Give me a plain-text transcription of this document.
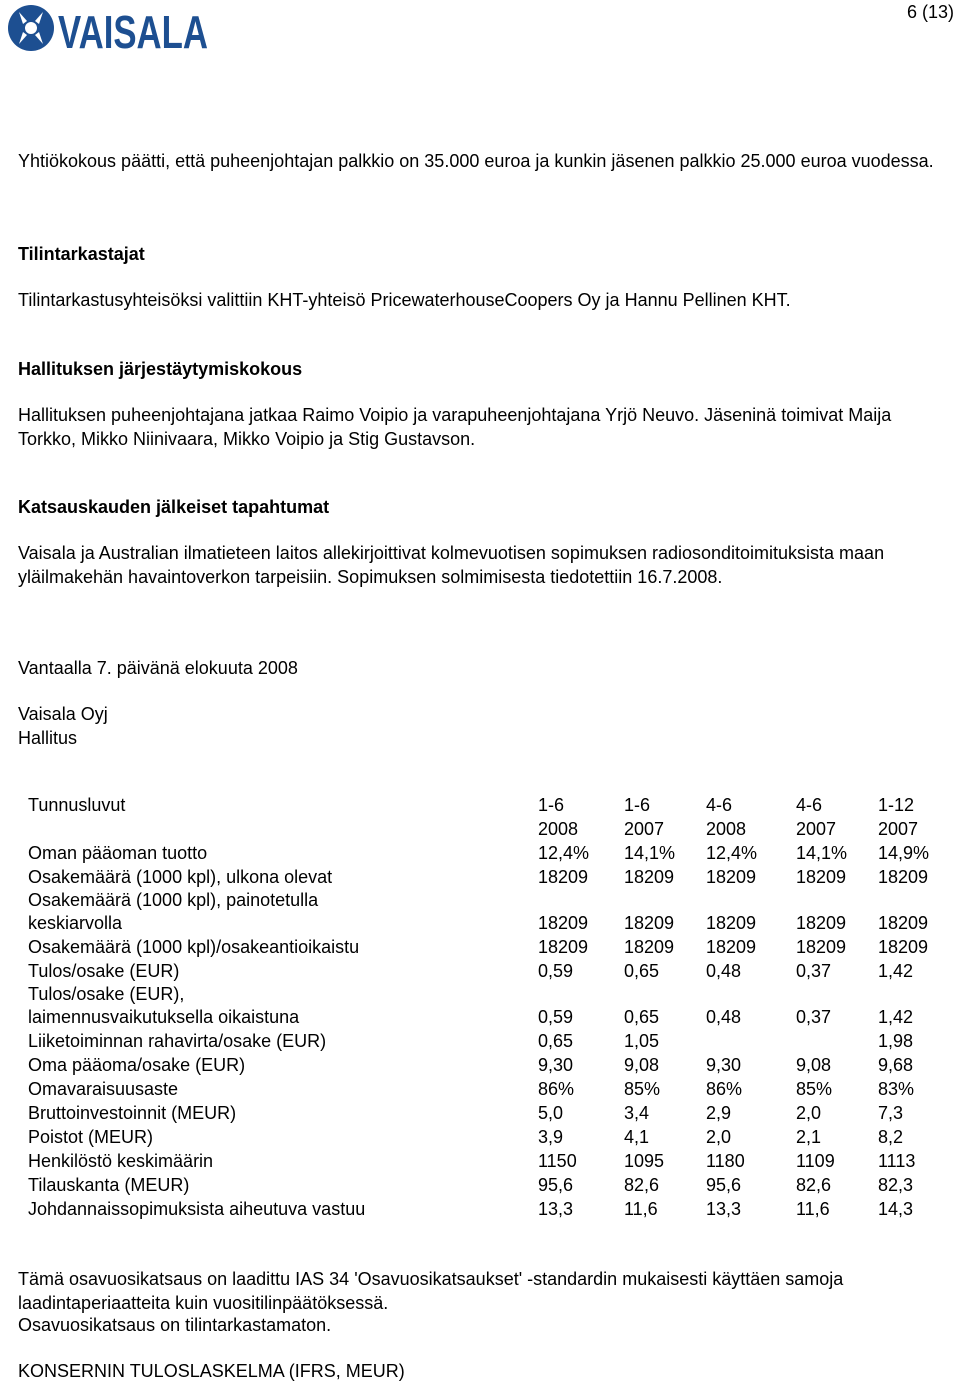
VAISALA	6 (13)

Yhtiökokous päätti, että puheenjohtajan palkkio on 35.000 euroa ja kunkin jäsenen palkkio 25.000 euroa vuodessa.

Tilintarkastajat

Tilintarkastusyhteisöksi valittiin KHT-yhteisö PricewaterhouseCoopers Oy ja Hannu Pellinen KHT.

Hallituksen järjestäytymiskokous

Hallituksen puheenjohtajana jatkaa Raimo Voipio ja varapuheenjohtajana Yrjö Neuvo. Jäseninä toimivat Maija Torkko, Mikko Niinivaara, Mikko Voipio ja Stig Gustavson.

Katsauskauden jälkeiset tapahtumat

Vaisala ja Australian ilmatieteen laitos allekirjoittivat kolmevuotisen sopimuksen radiosonditoimituksista maan yläilmakehän havaintoverkon tarpeisiin. Sopimuksen solmimisesta tiedotettiin 16.7.2008.

Vantaalla 7. päivänä elokuuta 2008

Vaisala Oyj

Hallitus

Tunnusluvut	1-6	1-6	4-6	4-6	1-12
	2008	2007	2008	2007	2007
Oman pääoman tuotto	12,4%	14,1%	12,4%	14,1%	14,9%
Osakemäärä (1000 kpl), ulkona olevat	18209	18209	18209	18209	18209
Osakemäärä (1000 kpl), painotetulla
keskiarvolla	18209	18209	18209	18209	18209
Osakemäärä (1000 kpl)/osakeantioikaistu	18209	18209	18209	18209	18209
Tulos/osake (EUR)	0,59	0,65	0,48	0,37	1,42
Tulos/osake (EUR),
laimennusvaikutuksella oikaistuna	0,59	0,65	0,48	0,37	1,42
Liiketoiminnan rahavirta/osake (EUR)	0,65	1,05			1,98
Oma pääoma/osake (EUR)	9,30	9,08	9,30	9,08	9,68
Omavaraisuusaste	86%	85%	86%	85%	83%
Bruttoinvestoinnit (MEUR)	5,0	3,4	2,9	2,0	7,3
Poistot (MEUR)	3,9	4,1	2,0	2,1	8,2
Henkilöstö keskimäärin	1150	1095	1180	1109	1113
Tilauskanta (MEUR)	95,6	82,6	95,6	82,6	82,3
Johdannaissopimuksista aiheutuva vastuu	13,3	11,6	13,3	11,6	14,3

Tämä osavuosikatsaus on laadittu IAS 34 'Osavuosikatsaukset' -standardin mukaisesti käyttäen samoja laadintaperiaatteita kuin vuositilinpäätöksessä.

Osavuosikatsaus on tilintarkastamaton.

KONSERNIN TULOSLASKELMA (IFRS, MEUR)
